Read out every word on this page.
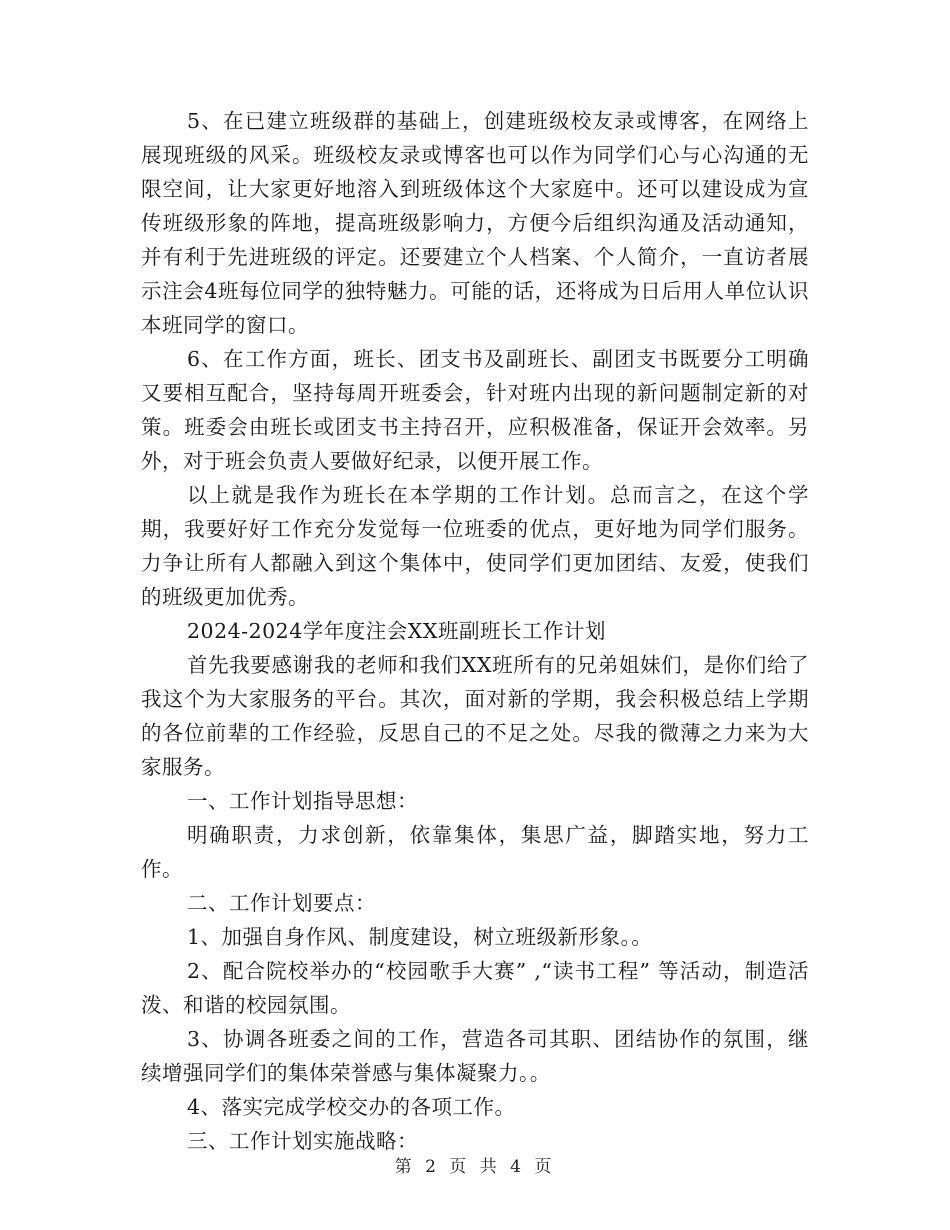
5、在已建立班级群的基础上，创建班级校友录或博客，在网络上展现班级的风采。班级校友录或博客也可以作为同学们心与心沟通的无限空间，让大家更好地溶入到班级体这个大家庭中。还可以建设成为宣传班级形象的阵地，提高班级影响力，方便今后组织沟通及活动通知，并有利于先进班级的评定。还要建立个人档案、个人简介，一直访者展示注会4班每位同学的独特魅力。可能的话，还将成为日后用人单位认识本班同学的窗口。

6、在工作方面，班长、团支书及副班长、副团支书既要分工明确又要相互配合，坚持每周开班委会，针对班内出现的新问题制定新的对策。班委会由班长或团支书主持召开，应积极准备，保证开会效率。另外，对于班会负责人要做好纪录，以便开展工作。

以上就是我作为班长在本学期的工作计划。总而言之，在这个学期，我要好好工作充分发觉每一位班委的优点，更好地为同学们服务。力争让所有人都融入到这个集体中，使同学们更加团结、友爱，使我们的班级更加优秀。

2024-2024学年度注会XX班副班长工作计划

首先我要感谢我的老师和我们XX班所有的兄弟姐妹们，是你们给了我这个为大家服务的平台。其次，面对新的学期，我会积极总结上学期的各位前辈的工作经验，反思自己的不足之处。尽我的微薄之力来为大家服务。

一、工作计划指导思想：

明确职责，力求创新，依靠集体，集思广益，脚踏实地，努力工作。

二、工作计划要点：

1、加强自身作风、制度建设，树立班级新形象。。

2、配合院校举办的“校园歌手大赛” ,“读书工程” 等活动，制造活泼、和谐的校园氛围。

3、协调各班委之间的工作，营造各司其职、团结协作的氛围，继续增强同学们的集体荣誉感与集体凝聚力。。

4、落实完成学校交办的各项工作。

三、工作计划实施战略：

第 2 页 共 4 页
